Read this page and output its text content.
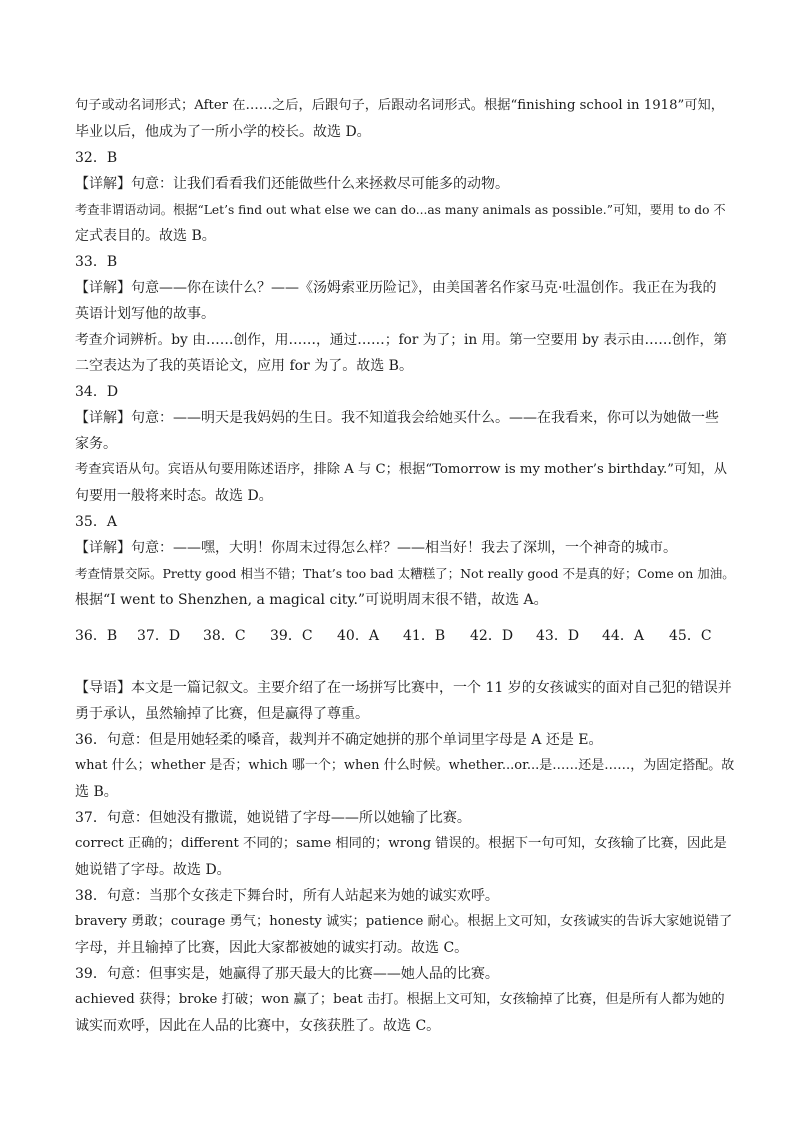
句子或动名词形式；After 在……之后，后跟句子，后跟动名词形式。根据“finishing school in 1918”可知，
毕业以后，他成为了一所小学的校长。故选 D。
32．B
【详解】句意：让我们看看我们还能做些什么来拯救尽可能多的动物。
考查非谓语动词。根据“Let’s find out what else we can do...as many animals as possible.”可知，要用 to do 不
定式表目的。故选 B。
33．B
【详解】句意——你在读什么？——《汤姆索亚历险记》，由美国著名作家马克·吐温创作。我正在为我的
英语计划写他的故事。
考查介词辨析。by 由……创作，用……，通过……；for 为了；in 用。第一空要用 by 表示由……创作，第
二空表达为了我的英语论文，应用 for 为了。故选 B。
34．D
【详解】句意：——明天是我妈妈的生日。我不知道我会给她买什么。——在我看来，你可以为她做一些
家务。
考查宾语从句。宾语从句要用陈述语序，排除 A 与 C；根据“Tomorrow is my mother’s birthday.”可知，从
句要用一般将来时态。故选 D。
35．A
【详解】句意：——嘿，大明！你周末过得怎么样？——相当好！我去了深圳，一个神奇的城市。
考查情景交际。Pretty good 相当不错；That’s too bad 太糟糕了；Not really good 不是真的好；Come on 加油。
根据“I went to Shenzhen, a magical city.”可说明周末很不错，故选 A。
36．B 37．D 38．C 39．C 40．A 41．B 42．D 43．D 44．A 45．C
【导语】本文是一篇记叙文。主要介绍了在一场拼写比赛中，一个 11 岁的女孩诚实的面对自己犯的错误并
勇于承认，虽然输掉了比赛，但是赢得了尊重。
36．句意：但是用她轻柔的嗓音，裁判并不确定她拼的那个单词里字母是 A 还是 E。
what 什么；whether 是否；which 哪一个；when 什么时候。whether...or...是……还是……，为固定搭配。故
选 B。
37．句意：但她没有撒谎，她说错了字母——所以她输了比赛。
correct 正确的；different 不同的；same 相同的；wrong 错误的。根据下一句可知，女孩输了比赛，因此是
她说错了字母。故选 D。
38．句意：当那个女孩走下舞台时，所有人站起来为她的诚实欢呼。
bravery 勇敢；courage 勇气；honesty 诚实；patience 耐心。根据上文可知，女孩诚实的告诉大家她说错了
字母，并且输掉了比赛，因此大家都被她的诚实打动。故选 C。
39．句意：但事实是，她赢得了那天最大的比赛——她人品的比赛。
achieved 获得；broke 打破；won 赢了；beat 击打。根据上文可知，女孩输掉了比赛，但是所有人都为她的
诚实而欢呼，因此在人品的比赛中，女孩获胜了。故选 C。
